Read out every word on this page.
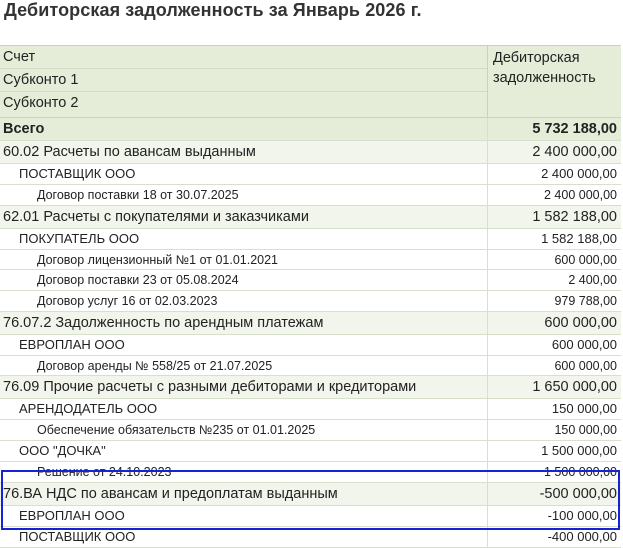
Дебиторская задолженность за Январь 2026 г.
Счет
Субконто 1
Субконто 2
Дебиторская задолженность
Всего	5 732 188,00
60.02 Расчеты по авансам выданным	2 400 000,00
ПОСТАВЩИК ООО	2 400 000,00
Договор поставки 18 от 30.07.2025	2 400 000,00
62.01 Расчеты с покупателями и заказчиками	1 582 188,00
ПОКУПАТЕЛЬ ООО	1 582 188,00
Договор лицензионный №1 от 01.01.2021	600 000,00
Договор поставки 23 от 05.08.2024	2 400,00
Договор услуг 16 от 02.03.2023	979 788,00
76.07.2 Задолженность по арендным платежам	600 000,00
ЕВРОПЛАН ООО	600 000,00
Договор аренды № 558/25 от 21.07.2025	600 000,00
76.09 Прочие расчеты с разными дебиторами и кредиторами	1 650 000,00
АРЕНДОДАТЕЛЬ ООО	150 000,00
Обеспечение обязательств №235 от 01.01.2025	150 000,00
ООО "ДОЧКА"	1 500 000,00
Решение от 24.10.2023	1 500 000,00
76.ВА НДС по авансам и предоплатам выданным	-500 000,00
ЕВРОПЛАН ООО	-100 000,00
ПОСТАВЩИК ООО	-400 000,00
